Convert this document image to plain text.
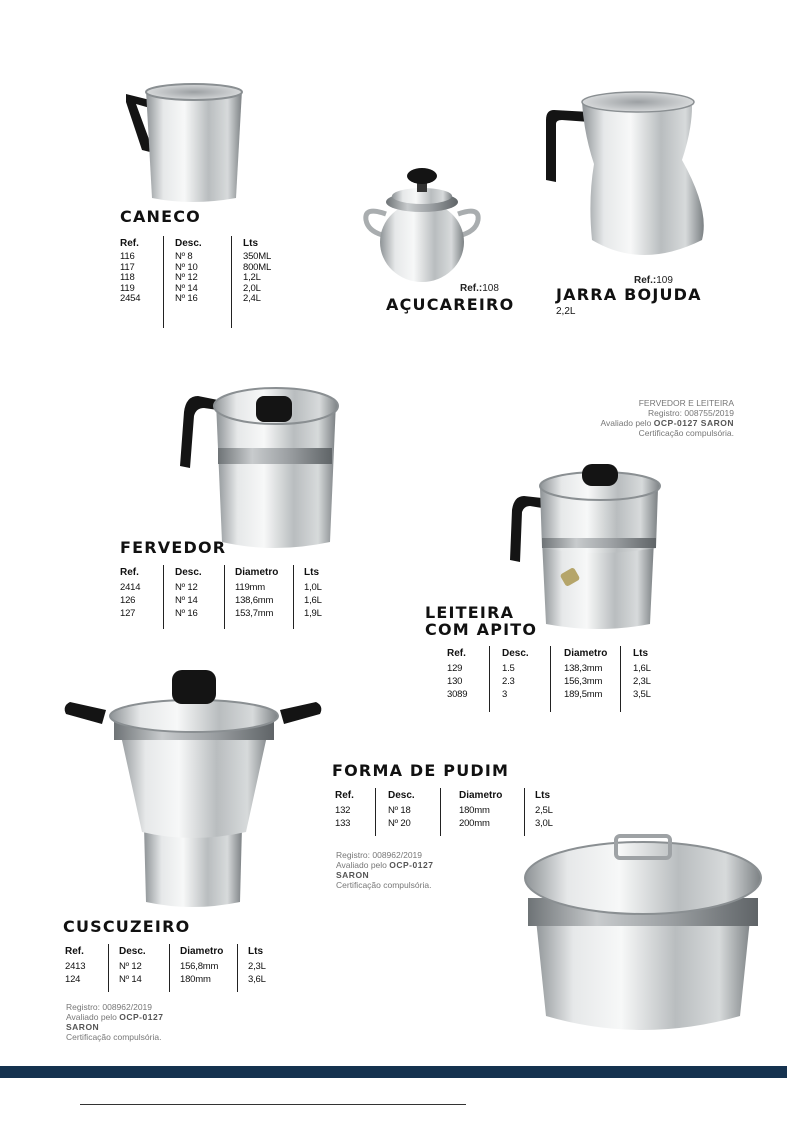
CANECO
Ref.
116
117
118
119
2454
Desc.
Nº 8
Nº 10
Nº 12
Nº 14
Nº 16
Lts
350ML
800ML
1,2L
2,0L
2,4L
Ref.:108
AÇUCAREIRO
Ref.:109
JARRA BOJUDA
2,2L
FERVEDOR
Ref.
2414
126
127
Desc.
Nº 12
Nº 14
Nº 16
Diametro
119mm
138,6mm
153,7mm
Lts
1,0L
1,6L
1,9L
FERVEDOR E LEITEIRA
Registro: 008755/2019
Avaliado pelo OCP-0127 SARON
Certificação compulsória.
LEITEIRA
COM APITO
Ref.
129
130
3089
Desc.
1.5
2.3
3
Diametro
138,3mm
156,3mm
189,5mm
Lts
1,6L
2,3L
3,5L
CUSCUZEIRO
Ref.
2413
124
Desc.
Nº 12
Nº 14
Diametro
156,8mm
180mm
Lts
2,3L
3,6L
Registro: 008962/2019
Avaliado pelo OCP-0127
SARON
Certificação compulsória.
FORMA DE PUDIM
Ref.
132
133
Desc.
Nº 18
Nº 20
Diametro
180mm
200mm
Lts
2,5L
3,0L
Registro: 008962/2019
Avaliado pelo OCP-0127
SARON
Certificação compulsória.
